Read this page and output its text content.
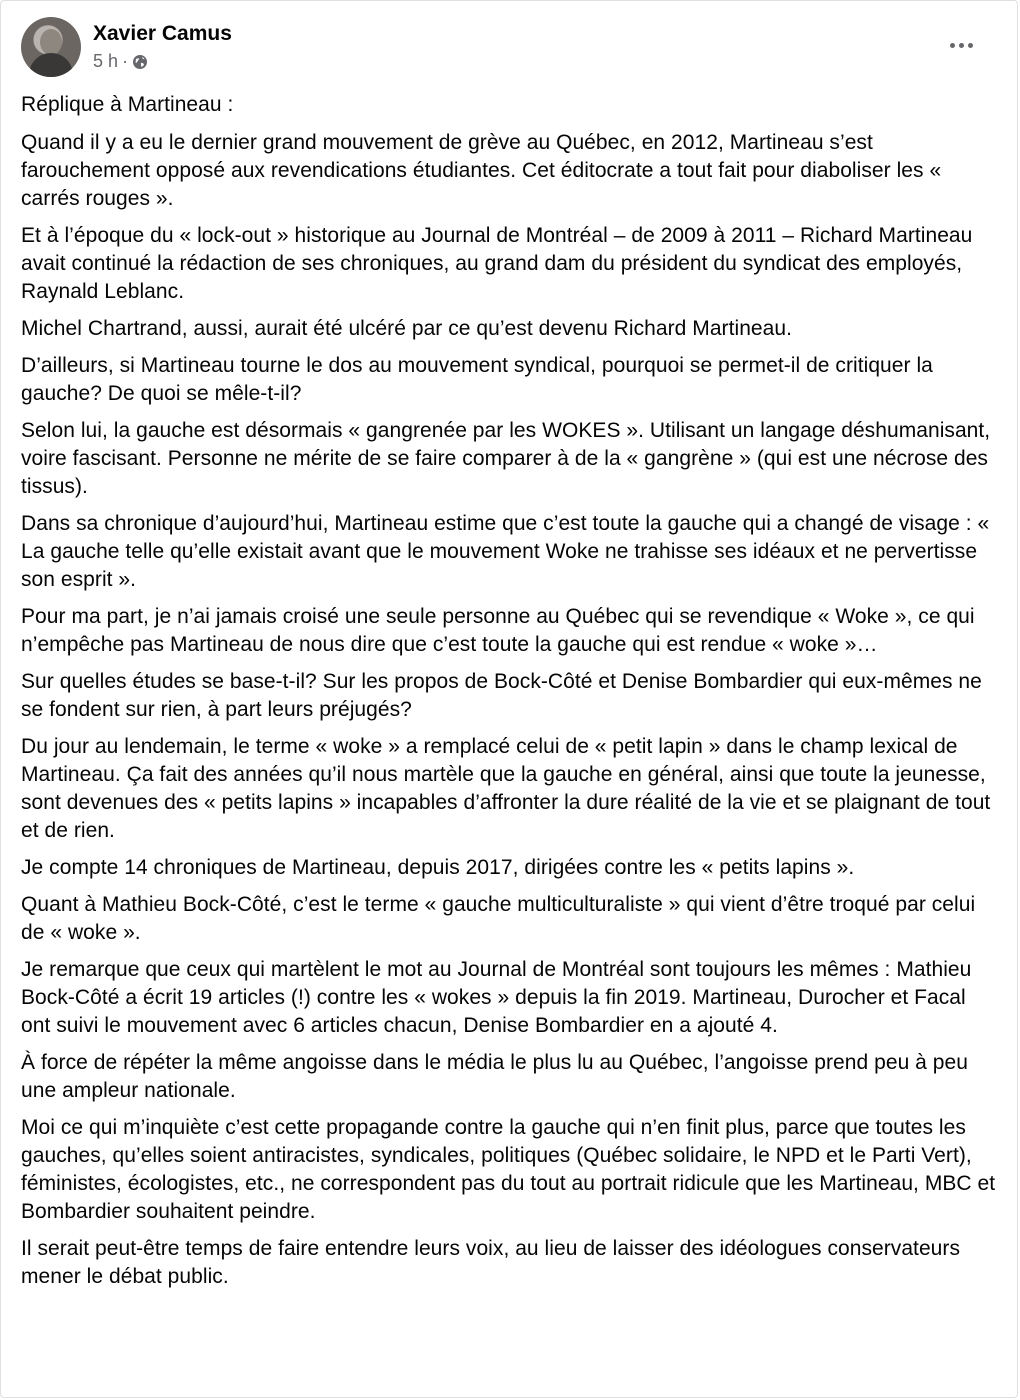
Xavier Camus
5 h ·

Réplique à Martineau :

Quand il y a eu le dernier grand mouvement de grève au Québec, en 2012, Martineau s’est farouchement opposé aux revendications étudiantes. Cet éditocrate a tout fait pour diaboliser les « carrés rouges ».

Et à l’époque du « lock-out » historique au Journal de Montréal – de 2009 à 2011 – Richard Martineau avait continué la rédaction de ses chroniques, au grand dam du président du syndicat des employés, Raynald Leblanc.

Michel Chartrand, aussi, aurait été ulcéré par ce qu’est devenu Richard Martineau.

D’ailleurs, si Martineau tourne le dos au mouvement syndical, pourquoi se permet-il de critiquer la gauche? De quoi se mêle-t-il?

Selon lui, la gauche est désormais « gangrenée par les WOKES ». Utilisant un langage déshumanisant, voire fascisant. Personne ne mérite de se faire comparer à de la « gangrène » (qui est une nécrose des tissus).

Dans sa chronique d’aujourd’hui, Martineau estime que c’est toute la gauche qui a changé de visage : « La gauche telle qu’elle existait avant que le mouvement Woke ne trahisse ses idéaux et ne pervertisse son esprit ».

Pour ma part, je n’ai jamais croisé une seule personne au Québec qui se revendique « Woke », ce qui n’empêche pas Martineau de nous dire que c’est toute la gauche qui est rendue « woke »…

Sur quelles études se base-t-il? Sur les propos de Bock-Côté et Denise Bombardier qui eux-mêmes ne se fondent sur rien, à part leurs préjugés?

Du jour au lendemain, le terme « woke » a remplacé celui de « petit lapin » dans le champ lexical de Martineau. Ça fait des années qu’il nous martèle que la gauche en général, ainsi que toute la jeunesse, sont devenues des « petits lapins » incapables d’affronter la dure réalité de la vie et se plaignant de tout et de rien.

Je compte 14 chroniques de Martineau, depuis 2017, dirigées contre les « petits lapins ».

Quant à Mathieu Bock-Côté, c’est le terme « gauche multiculturaliste » qui vient d’être troqué par celui de « woke ».

Je remarque que ceux qui martèlent le mot au Journal de Montréal sont toujours les mêmes : Mathieu Bock-Côté a écrit 19 articles (!) contre les « wokes » depuis la fin 2019. Martineau, Durocher et Facal ont suivi le mouvement avec 6 articles chacun, Denise Bombardier en a ajouté 4.

À force de répéter la même angoisse dans le média le plus lu au Québec, l’angoisse prend peu à peu une ampleur nationale.

Moi ce qui m’inquiète c’est cette propagande contre la gauche qui n’en finit plus, parce que toutes les gauches, qu’elles soient antiracistes, syndicales, politiques (Québec solidaire, le NPD et le Parti Vert), féministes, écologistes, etc., ne correspondent pas du tout au portrait ridicule que les Martineau, MBC et Bombardier souhaitent peindre.

Il serait peut-être temps de faire entendre leurs voix, au lieu de laisser des idéologues conservateurs mener le débat public.
